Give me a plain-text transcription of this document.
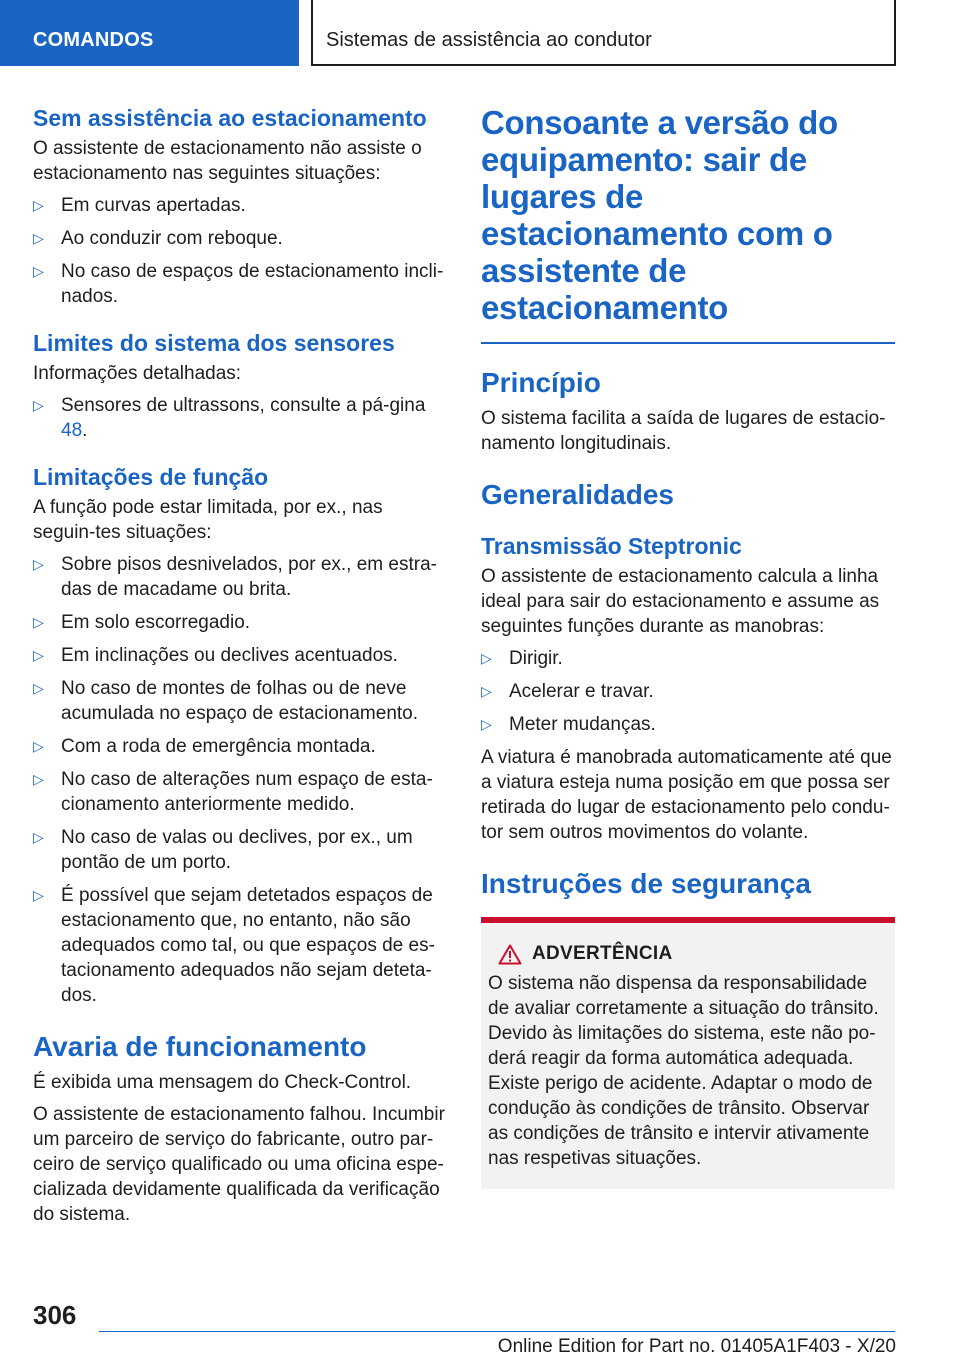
COMANDOS	Sistemas de assistência ao condutor
Sem assistência ao estacionamento

O assistente de estacionamento não assiste o estacionamento nas seguintes situações:

▷ Em curvas apertadas.
▷ Ao conduzir com reboque.
▷ No caso de espaços de estacionamento incli-nados.
Limites do sistema dos sensores

Informações detalhadas:

▷ Sensores de ultrassons, consulte a pá-gina 48.
Limitações de função

A função pode estar limitada, por ex., nas seguin-tes situações:

▷ Sobre pisos desnivelados, por ex., em estra-das de macadame ou brita.
▷ Em solo escorregadio.
▷ Em inclinações ou declives acentuados.
▷ No caso de montes de folhas ou de neve acumulada no espaço de estacionamento.
▷ Com a roda de emergência montada.
▷ No caso de alterações num espaço de esta-cionamento anteriormente medido.
▷ No caso de valas ou declives, por ex., um pontão de um porto.
▷ É possível que sejam detetados espaços de estacionamento que, no entanto, não são adequados como tal, ou que espaços de es-tacionamento adequados não sejam deteta-dos.
Avaria de funcionamento

É exibida uma mensagem do Check-Control.

O assistente de estacionamento falhou. Incumbir um parceiro de serviço do fabricante, outro par-ceiro de serviço qualificado ou uma oficina espe-cializada devidamente qualificada da verificação do sistema.

Consoante a versão do equipamento: sair de lugares de estacionamento com o assistente de estacionamento
Princípio

O sistema facilita a saída de lugares de estacio-namento longitudinais.

Generalidades
Transmissão Steptronic

O assistente de estacionamento calcula a linha ideal para sair do estacionamento e assume as seguintes funções durante as manobras:

▷ Dirigir.
▷ Acelerar e travar.
▷ Meter mudanças.

A viatura é manobrada automaticamente até que a viatura esteja numa posição em que possa ser retirada do lugar de estacionamento pelo condu-tor sem outros movimentos do volante.

Instruções de segurança
ADVERTÊNCIA

O sistema não dispensa da responsabilidade de avaliar corretamente a situação do trânsito. Devido às limitações do sistema, este não po-derá reagir da forma automática adequada. Existe perigo de acidente. Adaptar o modo de condução às condições de trânsito. Observar as condições de trânsito e intervir ativamente nas respetivas situações.

306
Online Edition for Part no. 01405A1F403 - X/20
